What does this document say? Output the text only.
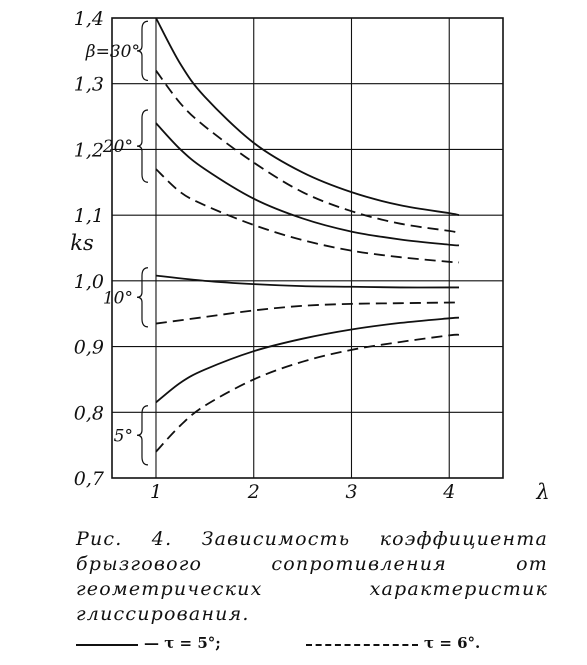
0,7
0,8
0,9
1,0
1,1
1,2
1,3
1,4
1	2	3	4
ks
λ
β=30°
20°
10°
5°
Рис. 4. Зависимость коэффициента брызгового сопротивления от геометрических характеристик глиссирования.
— τ = 5°;	τ = 6°.
